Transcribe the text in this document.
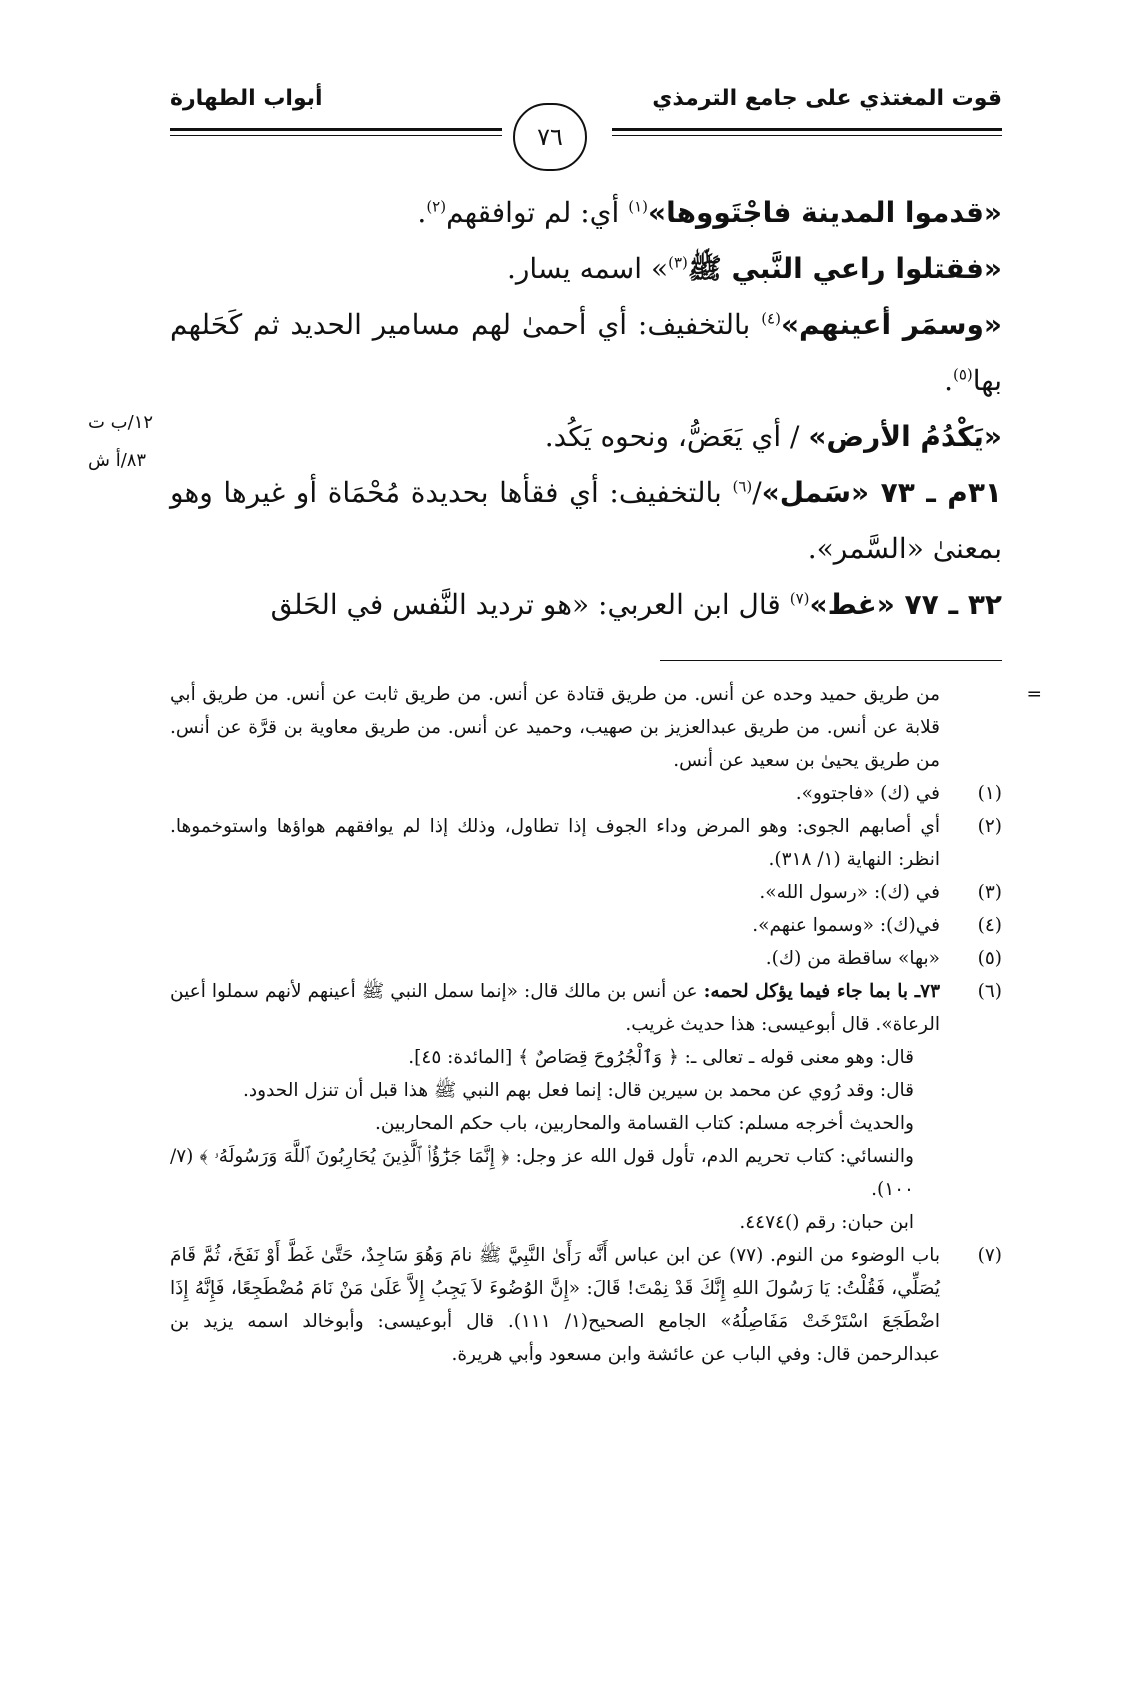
قوت المغتذي على جامع الترمذي
أبواب الطهارة
٧٦

«قدموا المدينة فاجْتَووها»$^{(١)}$ أي: لم توافقهم$^{(٢)}$.

«فقتلوا راعي النَّبي ﷺ$^{(٣)}$» اسمه يسار.

«وسمَر أعينهم»$^{(٤)}$ بالتخفيف: أي أحمىٰ لهم مسامير الحديد ثم كَحَلهم بها$^{(٥)}$.

«يَكْدُمُ الأرض» / أي يَعَضُّ، ونحوه يَكُد.

٣١م ـ ٧٣ «سَمل»/$^{(٦)}$ بالتخفيف: أي فقأها بحديدة مُحْمَاة أو غيرها وهو بمعنىٰ «السَّمر».

٣٢ ـ ٧٧ «غط»$^{(٧)}$ قال ابن العربي: «هو ترديد النَّفس في الحَلق

١٢/ب ت
٨٣/أ ش
=
من طريق حميد وحده عن أنس. من طريق قتادة عن أنس. من طريق ثابت عن أنس. من طريق أبي قلابة عن أنس. من طريق عبدالعزيز بن صهيب، وحميد عن أنس. من طريق معاوية بن قرَّة عن أنس. من طريق يحيىٰ بن سعيد عن أنس.
(١)
في (ك) «فاجتوو».
(٢)
أي أصابهم الجوى: وهو المرض وداء الجوف إذا تطاول، وذلك إذا لم يوافقهم هواؤها واستوخموها. انظر: النهاية (١/ ٣١٨).
(٣)
في (ك): «رسول الله».
(٤)
في(ك): «وسموا عنهم».
(٥)
«بها» ساقطة من (ك).
(٦)
٧٣ـ با بما جاء فيما يؤكل لحمه: عن أنس بن مالك قال: «إنما سمل النبي ﷺ أعينهم لأنهم سملوا أعين الرعاة». قال أبوعيسى: هذا حديث غريب.
قال: وهو معنى قوله ـ تعالى ـ: ﴿ وَٱلْجُرُوحَ قِصَاصٌ ﴾ [المائدة: ٤٥].
قال: وقد رُوي عن محمد بن سيرين قال: إنما فعل بهم النبي ﷺ هذا قبل أن تنزل الحدود.
والحديث أخرجه مسلم: كتاب القسامة والمحاربين، باب حكم المحاربين.
والنسائي: كتاب تحريم الدم، تأول قول الله عز وجل: ﴿ إِنَّمَا جَزَٰٓؤُا۟ ٱلَّذِينَ يُحَارِبُونَ ٱللَّهَ وَرَسُولَهُۥ ﴾ (٧/ ١٠٠).
ابن حبان: رقم ()٤٤٧٤.
(٧)
باب الوضوء من النوم. (٧٧) عن ابن عباس أَنَّه رَأَىٰ النَّبِيَّ ﷺ نامَ وَهُوَ سَاجِدٌ، حَتَّىٰ غَطَّ أَوْ نَفَخَ، ثُمَّ قَامَ يُصَلِّي، فَقُلْتُ: يَا رَسُولَ اللهِ إِنَّكَ قَدْ نِمْتَ! قَالَ: «إِنَّ الوُضُوءَ لاَ يَجِبُ إِلاَّ عَلَىٰ مَنْ نَامَ مُضْطَجِعًا، فَإِنَّهُ إِذَا اضْطَجَعَ اسْتَرْخَتْ مَفَاصِلُهُ» الجامع الصحيح(١/ ١١١). قال أبوعيسى: وأبوخالد اسمه يزيد بن عبدالرحمن قال: وفي الباب عن عائشة وابن مسعود وأبي هريرة.
